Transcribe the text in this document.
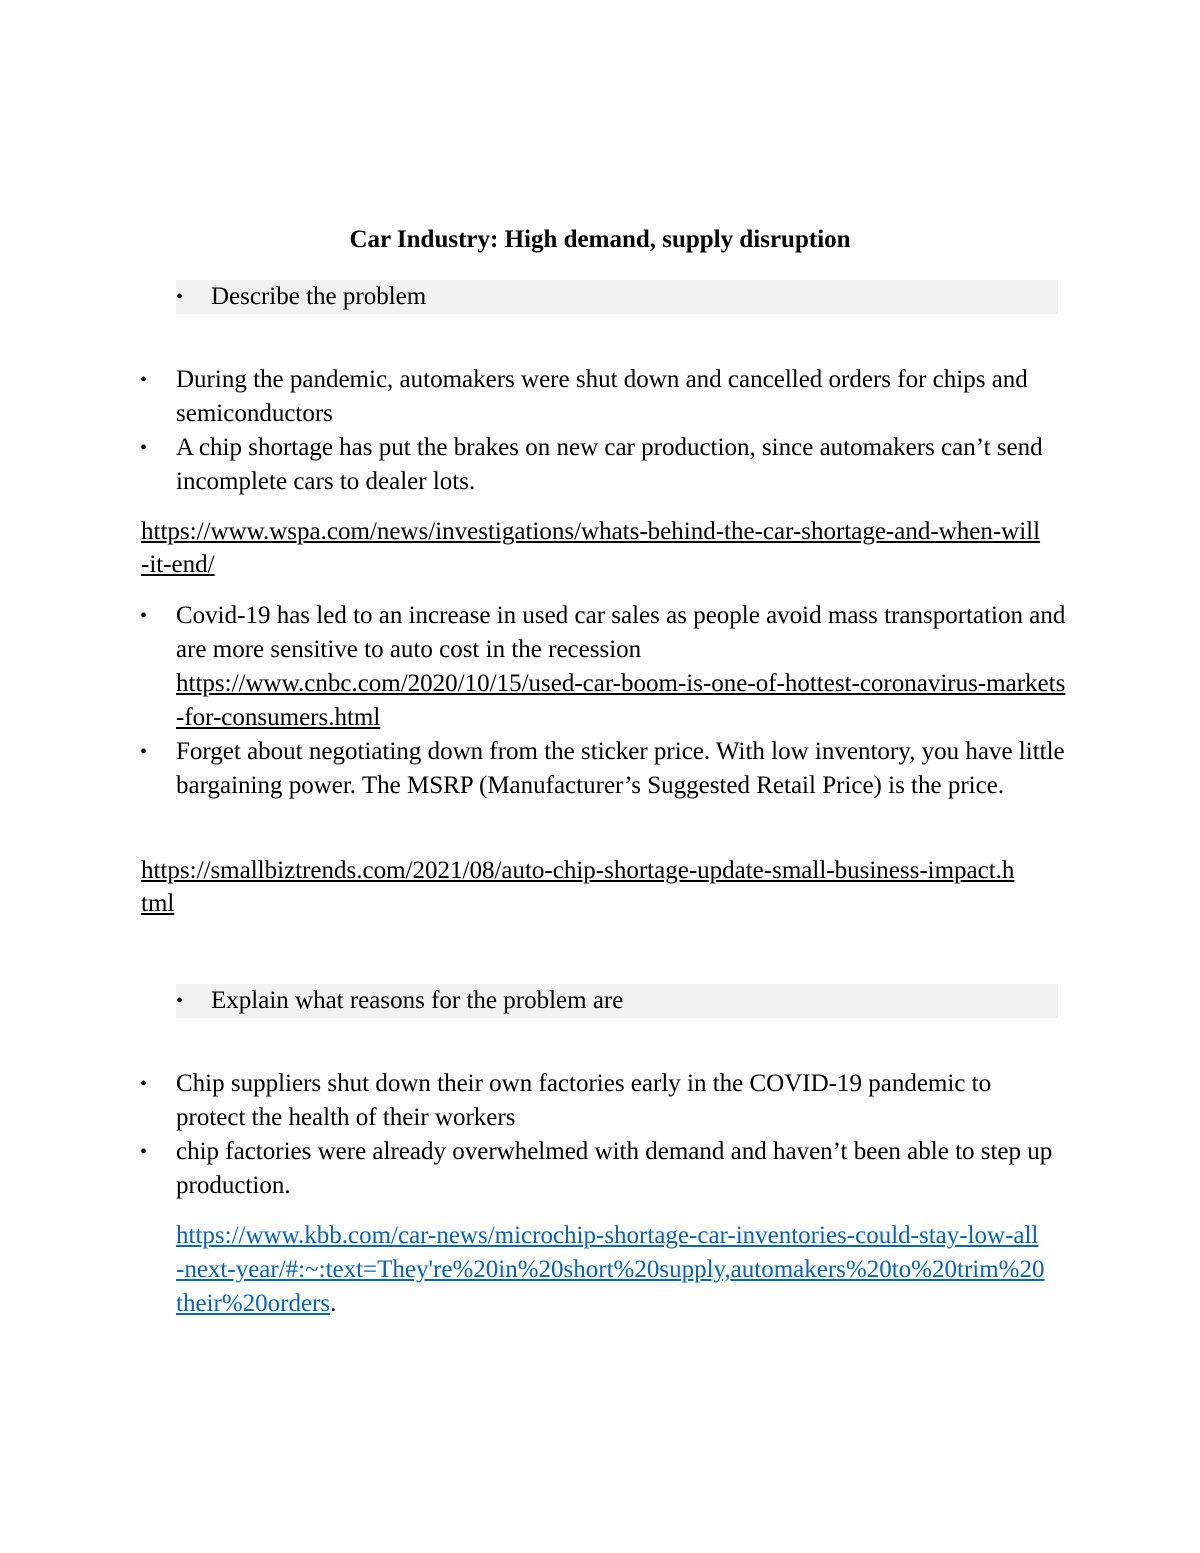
Car Industry: High demand, supply disruption
• Describe the problem
• During the pandemic, automakers were shut down and cancelled orders for chips and semiconductors
• A chip shortage has put the brakes on new car production, since automakers can’t send incomplete cars to dealer lots.
https://www.wspa.com/news/investigations/whats-behind-the-car-shortage-and-when-will-it-end/
• Covid-19 has led to an increase in used car sales as people avoid mass transportation and are more sensitive to auto cost in the recession
https://www.cnbc.com/2020/10/15/used-car-boom-is-one-of-hottest-coronavirus-markets-for-consumers.html
• Forget about negotiating down from the sticker price. With low inventory, you have little bargaining power. The MSRP (Manufacturer’s Suggested Retail Price) is the price.
https://smallbiztrends.com/2021/08/auto-chip-shortage-update-small-business-impact.html
• Explain what reasons for the problem are
• Chip suppliers shut down their own factories early in the COVID-19 pandemic to protect the health of their workers
• chip factories were already overwhelmed with demand and haven’t been able to step up production.
https://www.kbb.com/car-news/microchip-shortage-car-inventories-could-stay-low-all-next-year/#:~:text=They're%20in%20short%20supply,automakers%20to%20trim%20their%20orders.
